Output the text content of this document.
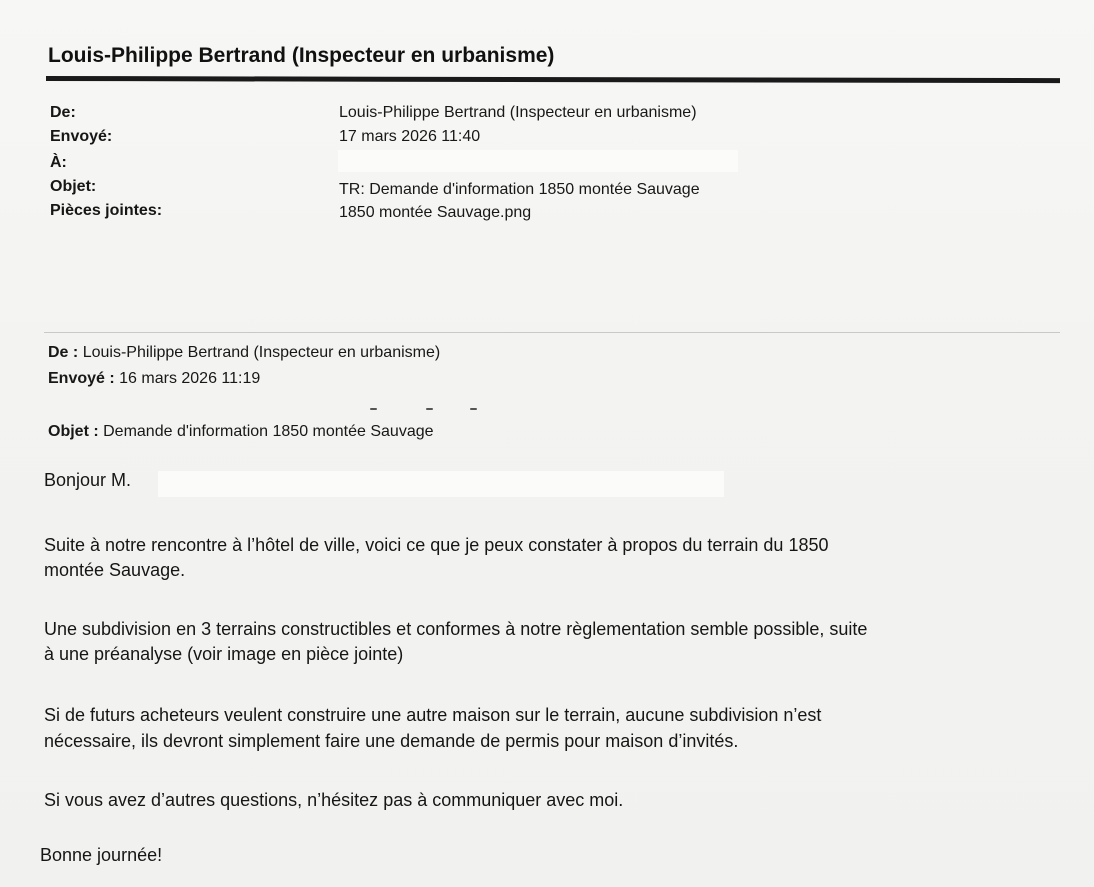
Louis-Philippe Bertrand (Inspecteur en urbanisme)
De:	Louis-Philippe Bertrand (Inspecteur en urbanisme)
Envoyé:	17 mars 2026 11:40
À:
Objet:	TR: Demande d'information 1850 montée Sauvage
Pièces jointes:	1850 montée Sauvage.png
De : Louis-Philippe Bertrand (Inspecteur en urbanisme)
Envoyé : 16 mars 2026 11:19
Objet : Demande d'information 1850 montée Sauvage
Bonjour M.
Suite à notre rencontre à l’hôtel de ville, voici ce que je peux constater à propos du terrain du 1850
montée Sauvage.
Une subdivision en 3 terrains constructibles et conformes à notre règlementation semble possible, suite
à une préanalyse (voir image en pièce jointe)
Si de futurs acheteurs veulent construire une autre maison sur le terrain, aucune subdivision n’est
nécessaire, ils devront simplement faire une demande de permis pour maison d’invités.
Si vous avez d’autres questions, n’hésitez pas à communiquer avec moi.
Bonne journée!
